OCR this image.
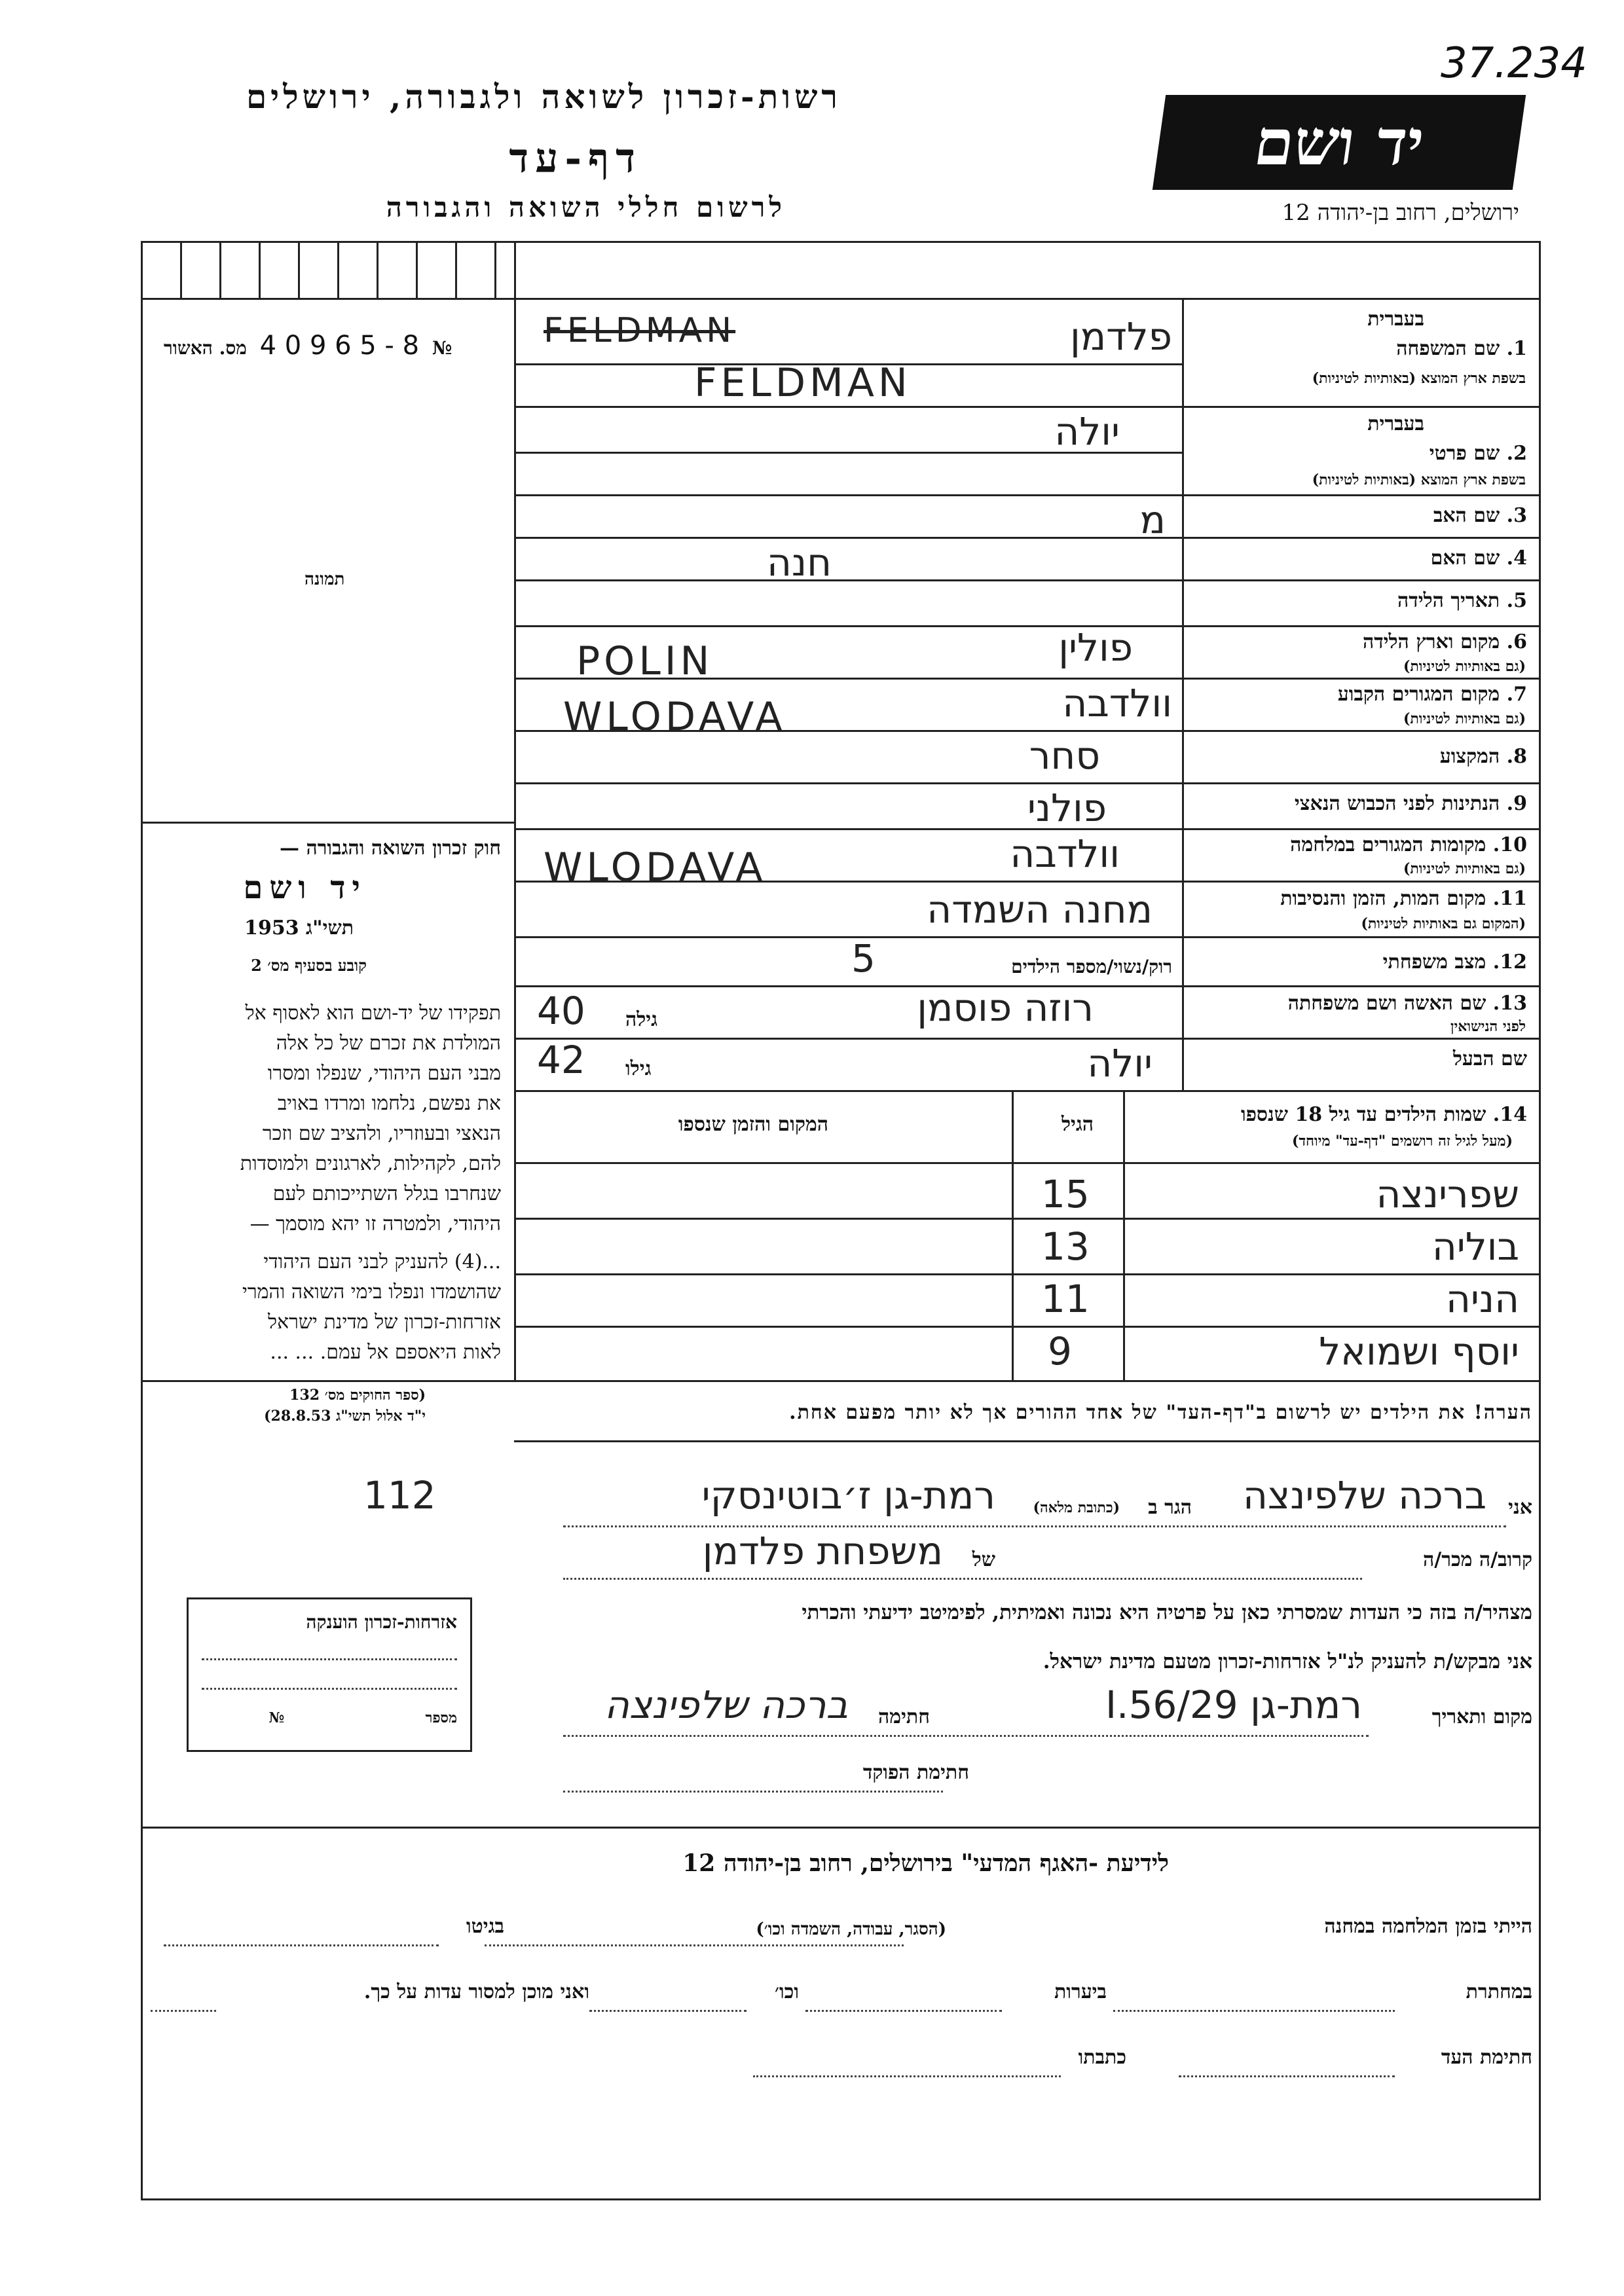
37.234
רשות-זכרון לשואה ולגבורה, ירושלים
יד ושם
דף-עד
לרשום חללי השואה והגבורה	ירושלים, רחוב בן-יהודה 12
№ 4 0 9 6 5 - 8 מס. האשור
תמונה
חוק זכרון השואה והגבורה —
יד ושם
תשי"ג 1953
קובע בסעיף מס׳ 2
תפקידו של יד-ושם הוא לאסוף אל
המולדת את זכרם של כל אלה
מבני העם היהודי, שנפלו ומסרו
את נפשם, נלחמו ומרדו באויב
הנאצי ובעוזריו, ולהציב שם וזכר
להם, לקהילות, לארגונים ולמוסדות
שנחרבו בגלל השתייכותם לעם
היהודי, ולמטרה זו יהא מוסמך —
...(4) להעניק לבני העם היהודי
שהושמדו ונפלו בימי השואה והמרי
אזרחות-זכרון של מדינת ישראל
לאות היאספם אל עמם. ... ...
(ספר החוקים מס׳ 132
י"ד אלול תשי"ג 28.8.53)
אזרחות-זכרון הוענקה
מספר  №
בעברית
1. שם המשפחה
בשפת ארץ המוצא (באותיות לטיניות)
פלדמן
FELDMAN
FELDMAN
בעברית
2. שם פרטי
בשפת ארץ המוצא (באותיות לטיניות)
יולה
3. שם האב
מ
4. שם האם
חנה
5. תאריך הלידה
6. מקום וארץ הלידה
(גם באותיות לטיניות)
פולין
POLIN
7. מקום המגורים הקבוע
(גם באותיות לטיניות)
וולדבה
WLODAVA
8. המקצוע
סחר
9. הנתינות לפני הכבוש הנאצי
פולני
10. מקומות המגורים במלחמה
(גם באותיות לטיניות)
וולדבה
WLODAVA
11. מקום המות, הזמן והנסיבות
(המקום גם באותיות לטיניות)
מחנה השמדה
12. מצב משפחתי
רוק/נשוי/מספר הילדים
5
13. שם האשה ושם משפחתה
לפני הנישואין
רוזה פוסמן
גילה
40
שם הבעל
יולה
גילו
42
14. שמות הילדים עד גיל 18 שנספו
(מעל לגיל זה רושמים "דף-עד" מיוחד)
הגיל
המקום והזמן שנספו
שפרינצה
15
בוליה
13
הניה
11
יוסף ושמואל
9
הערה! את הילדים יש לרשום ב"דף-העד" של אחד ההורים אך לא יותר מפעם אחת.
אני
ברכה שלפינצה
הגר ב
(כתובת מלאה)
רמת-גן ז׳בוטינסקי
112
קרוב/ה מכר/ה
של
משפחת פלדמן
מצהיר/ה בזה כי העדות שמסרתי כאן על פרטיה היא נכונה ואמיתית, לפימיטב ידיעתי והכרתי
אני מבקש/ת להעניק לנ"ל אזרחות-זכרון מטעם מדינת ישראל.
מקום ותאריך
רמת-גן 29/I.56
חתימה
ברכה שלפינצה
חתימת הפוקד
לידיעת -האגף המדעי" בירושלים, רחוב בן-יהודה 12
הייתי בזמן המלחמה במחנה
(הסגר, עבודה, השמדה וכו׳)
בגיטו
במחתרת
ביערות
וכו׳
ואני מוכן למסור עדות על כך.
חתימת העד
כתבתו
